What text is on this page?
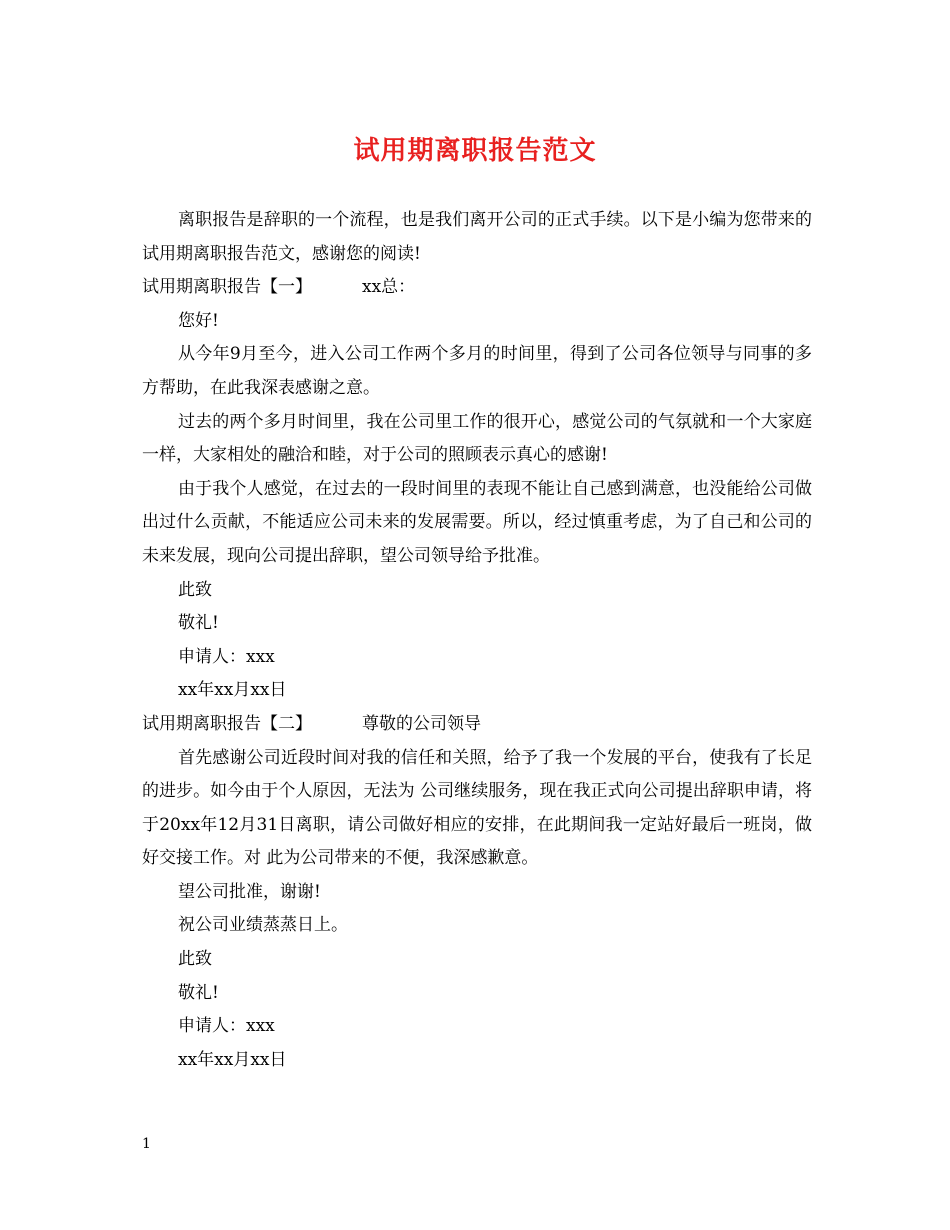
试用期离职报告范文

离职报告是辞职的一个流程，也是我们离开公司的正式手续。以下是小编为您带来的试用期离职报告范文，感谢您的阅读!

试用期离职报告【一】	xx总：

您好!

从今年9月至今，进入公司工作两个多月的时间里，得到了公司各位领导与同事的多方帮助，在此我深表感谢之意。

过去的两个多月时间里，我在公司里工作的很开心，感觉公司的气氛就和一个大家庭一样，大家相处的融洽和睦，对于公司的照顾表示真心的感谢!

由于我个人感觉，在过去的一段时间里的表现不能让自己感到满意，也没能给公司做出过什么贡献，不能适应公司未来的发展需要。所以，经过慎重考虑，为了自己和公司的未来发展，现向公司提出辞职，望公司领导给予批准。

此致

敬礼!

申请人：xxx

xx年xx月xx日

试用期离职报告【二】	尊敬的公司领导

首先感谢公司近段时间对我的信任和关照，给予了我一个发展的平台，使我有了长足的进步。如今由于个人原因，无法为 公司继续服务，现在我正式向公司提出辞职申请，将于20xx年12月31日离职，请公司做好相应的安排，在此期间我一定站好最后一班岗，做好交接工作。对 此为公司带来的不便，我深感歉意。

望公司批准，谢谢!

祝公司业绩蒸蒸日上。

此致

敬礼!

申请人：xxx

xx年xx月xx日

1
